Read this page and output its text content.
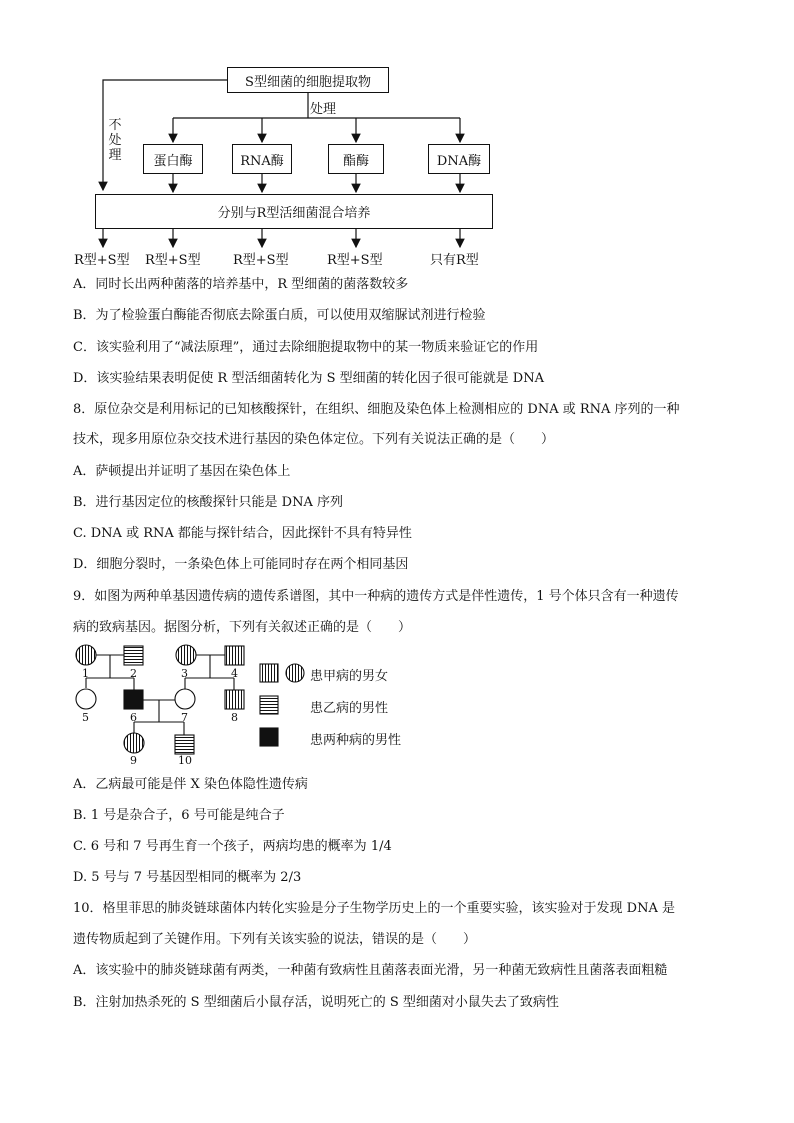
S型细菌的细胞提取物
处理
不处理	蛋白酶	RNA酶	酯酶	DNA酶
分别与R型活细菌混合培养
R型+S型 R型+S型 R型+S型	R型+S型	只有R型
A．同时长出两种菌落的培养基中，R 型细菌的菌落数较多
B．为了检验蛋白酶能否彻底去除蛋白质，可以使用双缩脲试剂进行检验
C．该实验利用了“减法原理”，通过去除细胞提取物中的某一物质来验证它的作用
D．该实验结果表明促使 R 型活细菌转化为 S 型细菌的转化因子很可能就是 DNA
8．原位杂交是利用标记的已知核酸探针，在组织、细胞及染色体上检测相应的 DNA 或 RNA 序列的一种
技术，现多用原位杂交技术进行基因的染色体定位。下列有关说法正确的是（　　）
A．萨顿提出并证明了基因在染色体上
B．进行基因定位的核酸探针只能是 DNA 序列
C. DNA 或 RNA 都能与探针结合，因此探针不具有特异性
D．细胞分裂时，一条染色体上可能同时存在两个相同基因
9．如图为两种单基因遗传病的遗传系谱图，其中一种病的遗传方式是伴性遗传，1 号个体只含有一种遗传
病的致病基因。据图分析，下列有关叙述正确的是（　　）
1	2	3	4
5	6	7	8
9	10
患甲病的男女
患乙病的男性
患两种病的男性
A．乙病最可能是伴 X 染色体隐性遗传病
B. 1 号是杂合子，6 号可能是纯合子
C. 6 号和 7 号再生育一个孩子，两病均患的概率为 1/4
D. 5 号与 7 号基因型相同的概率为 2/3
10．格里菲思的肺炎链球菌体内转化实验是分子生物学历史上的一个重要实验，该实验对于发现 DNA 是
遗传物质起到了关键作用。下列有关该实验的说法，错误的是（　　）
A．该实验中的肺炎链球菌有两类，一种菌有致病性且菌落表面光滑，另一种菌无致病性且菌落表面粗糙
B．注射加热杀死的 S 型细菌后小鼠存活，说明死亡的 S 型细菌对小鼠失去了致病性
